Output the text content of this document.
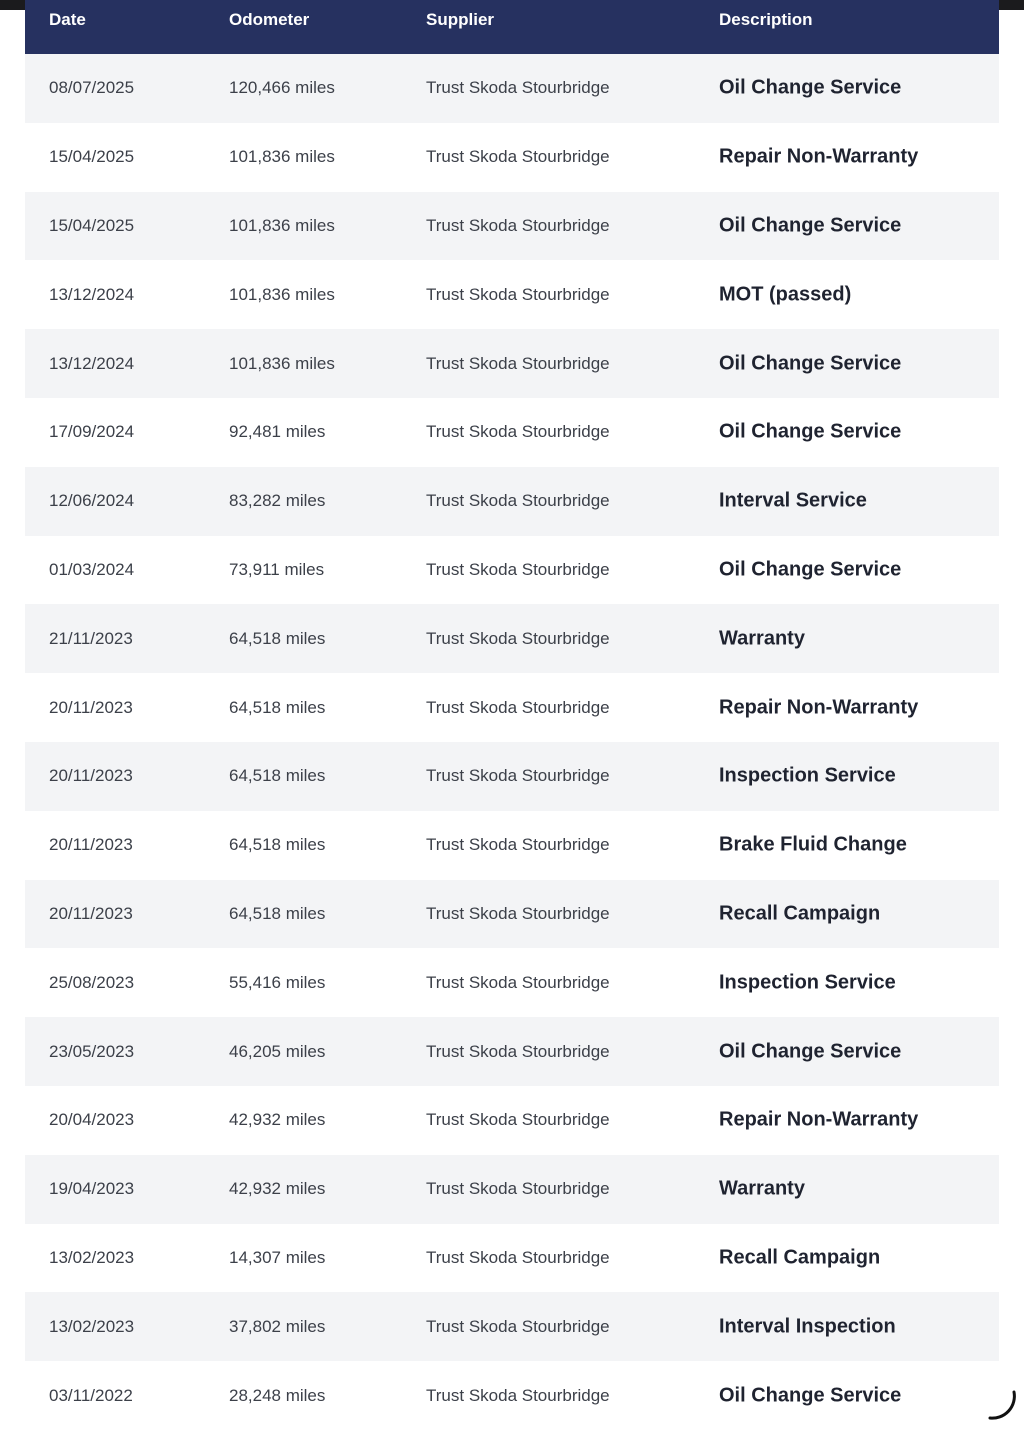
Date	Odometer	Supplier	Description
08/07/2025	120,466 miles	Trust Skoda Stourbridge	Oil Change Service
15/04/2025	101,836 miles	Trust Skoda Stourbridge	Repair Non-Warranty
15/04/2025	101,836 miles	Trust Skoda Stourbridge	Oil Change Service
13/12/2024	101,836 miles	Trust Skoda Stourbridge	MOT (passed)
13/12/2024	101,836 miles	Trust Skoda Stourbridge	Oil Change Service
17/09/2024	92,481 miles	Trust Skoda Stourbridge	Oil Change Service
12/06/2024	83,282 miles	Trust Skoda Stourbridge	Interval Service
01/03/2024	73,911 miles	Trust Skoda Stourbridge	Oil Change Service
21/11/2023	64,518 miles	Trust Skoda Stourbridge	Warranty
20/11/2023	64,518 miles	Trust Skoda Stourbridge	Repair Non-Warranty
20/11/2023	64,518 miles	Trust Skoda Stourbridge	Inspection Service
20/11/2023	64,518 miles	Trust Skoda Stourbridge	Brake Fluid Change
20/11/2023	64,518 miles	Trust Skoda Stourbridge	Recall Campaign
25/08/2023	55,416 miles	Trust Skoda Stourbridge	Inspection Service
23/05/2023	46,205 miles	Trust Skoda Stourbridge	Oil Change Service
20/04/2023	42,932 miles	Trust Skoda Stourbridge	Repair Non-Warranty
19/04/2023	42,932 miles	Trust Skoda Stourbridge	Warranty
13/02/2023	14,307 miles	Trust Skoda Stourbridge	Recall Campaign
13/02/2023	37,802 miles	Trust Skoda Stourbridge	Interval Inspection
03/11/2022	28,248 miles	Trust Skoda Stourbridge	Oil Change Service
